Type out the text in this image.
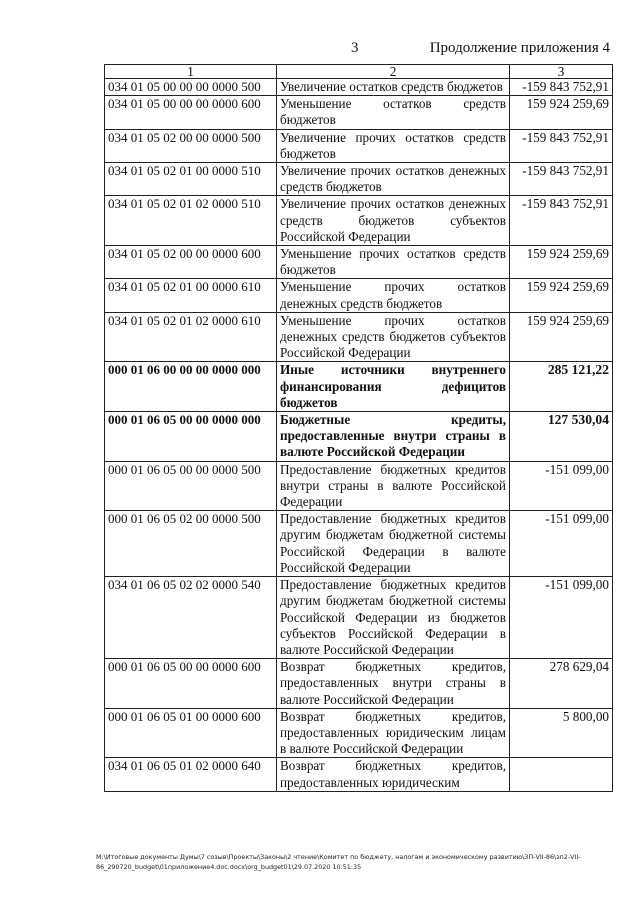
3	Продолжение приложения 4
1	2	3
034 01 05 00 00 00 0000 500	Увеличение остатков средств бюджетов	-159 843 752,91
034 01 05 00 00 00 0000 600	Уменьшение остатков средств бюджетов	159 924 259,69
034 01 05 02 00 00 0000 500	Увеличение прочих остатков средств бюджетов	-159 843 752,91
034 01 05 02 01 00 0000 510	Увеличение прочих остатков денежных средств бюджетов	-159 843 752,91
034 01 05 02 01 02 0000 510	Увеличение прочих остатков денежных средств бюджетов субъектов Российской Федерации	-159 843 752,91
034 01 05 02 00 00 0000 600	Уменьшение прочих остатков средств бюджетов	159 924 259,69
034 01 05 02 01 00 0000 610	Уменьшение прочих остатков денежных средств бюджетов	159 924 259,69
034 01 05 02 01 02 0000 610	Уменьшение прочих остатков денежных средств бюджетов субъектов Российской Федерации	159 924 259,69
000 01 06 00 00 00 0000 000	Иные источники внутреннего финансирования дефицитов бюджетов	285 121,22
000 01 06 05 00 00 0000 000	Бюджетные кредиты, предоставленные внутри страны в валюте Российской Федерации	127 530,04
000 01 06 05 00 00 0000 500	Предоставление бюджетных кредитов внутри страны в валюте Российской Федерации	-151 099,00
000 01 06 05 02 00 0000 500	Предоставление бюджетных кредитов другим бюджетам бюджетной системы Российской Федерации в валюте Российской Федерации	-151 099,00
034 01 06 05 02 02 0000 540	Предоставление бюджетных кредитов другим бюджетам бюджетной системы Российской Федерации из бюджетов субъектов Российской Федерации в валюте Российской Федерации	-151 099,00
000 01 06 05 00 00 0000 600	Возврат бюджетных кредитов, предоставленных внутри страны в валюте Российской Федерации	278 629,04
000 01 06 05 01 00 0000 600	Возврат бюджетных кредитов, предоставленных юридическим лицам в валюте Российской Федерации	5 800,00
034 01 06 05 01 02 0000 640	Возврат бюджетных кредитов, предоставленных юридическим	
М:\Итоговые документы Думы\7 созыв\Проекты\Законы\2 чтение\Комитет по бюджету, налогам и экономическому развитию\ЗП-VII-86\зп2-VII-
86_290720_budget\01приложение4.doc.docx\org_budget01\29.07.2020 10:51:35
